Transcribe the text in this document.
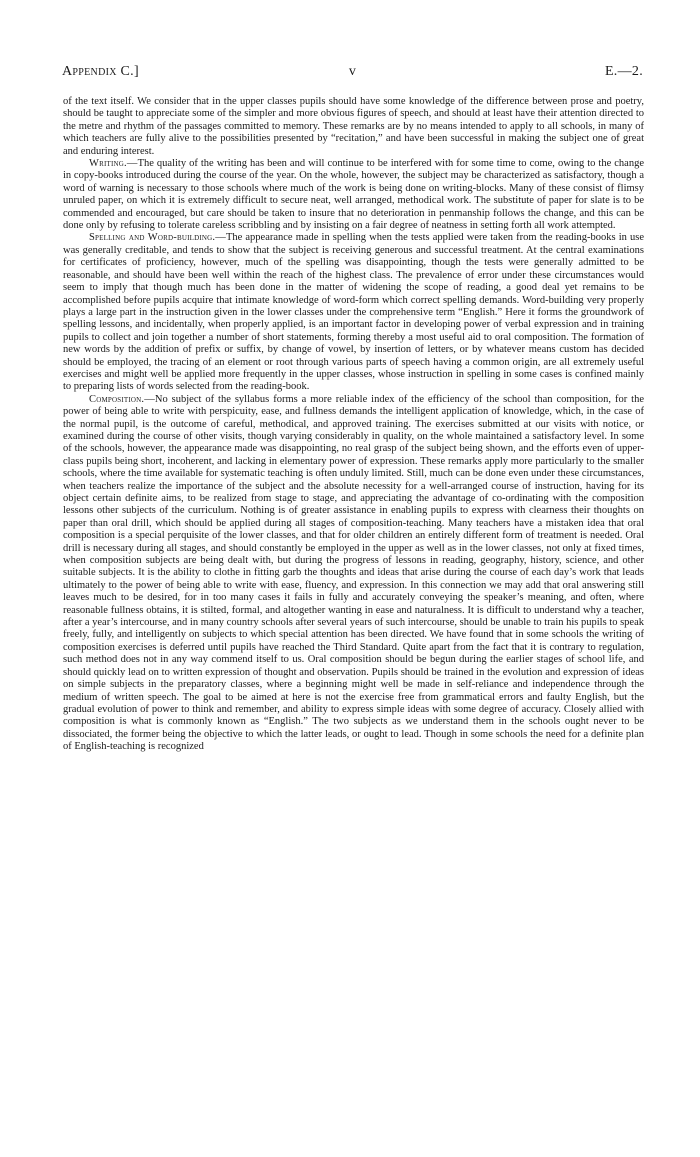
Appendix C.]	v	E.—2.

of the text itself. We consider that in the upper classes pupils should have some knowledge of the difference between prose and poetry, should be taught to appreciate some of the simpler and more obvious figures of speech, and should at least have their attention directed to the metre and rhythm of the passages committed to memory. These remarks are by no means intended to apply to all schools, in many of which teachers are fully alive to the possibilities presented by “recitation,” and have been successful in making the subject one of great and enduring interest.

Writing.—The quality of the writing has been and will continue to be interfered with for some time to come, owing to the change in copy-books introduced during the course of the year. On the whole, however, the subject may be characterized as satisfactory, though a word of warning is necessary to those schools where much of the work is being done on writing-blocks. Many of these consist of flimsy unruled paper, on which it is extremely difficult to secure neat, well arranged, methodical work. The substitute of paper for slate is to be commended and encouraged, but care should be taken to insure that no deterioration in penmanship follows the change, and this can be done only by refusing to tolerate careless scribbling and by insisting on a fair degree of neatness in setting forth all work attempted.

Spelling and Word-building.—The appearance made in spelling when the tests applied were taken from the reading-books in use was generally creditable, and tends to show that the subject is receiving generous and successful treatment. At the central examinations for certificates of proficiency, however, much of the spelling was disappointing, though the tests were generally admitted to be reasonable, and should have been well within the reach of the highest class. The prevalence of error under these circumstances would seem to imply that though much has been done in the matter of widening the scope of reading, a good deal yet remains to be accomplished before pupils acquire that intimate knowledge of word-form which correct spelling demands. Word-building very properly plays a large part in the instruction given in the lower classes under the comprehensive term “English.” Here it forms the groundwork of spelling lessons, and incidentally, when properly applied, is an important factor in developing power of verbal expression and in training pupils to collect and join together a number of short statements, forming thereby a most useful aid to oral composition. The formation of new words by the addition of prefix or suffix, by change of vowel, by insertion of letters, or by whatever means custom has decided should be employed, the tracing of an element or root through various parts of speech having a common origin, are all extremely useful exercises and might well be applied more frequently in the upper classes, whose instruction in spelling in some cases is confined mainly to preparing lists of words selected from the reading-book.

Composition.—No subject of the syllabus forms a more reliable index of the efficiency of the school than composition, for the power of being able to write with perspicuity, ease, and fullness demands the intelligent application of knowledge, which, in the case of the normal pupil, is the outcome of careful, methodical, and approved training. The exercises submitted at our visits with notice, or examined during the course of other visits, though varying considerably in quality, on the whole maintained a satisfactory level. In some of the schools, however, the appearance made was disappointing, no real grasp of the subject being shown, and the efforts even of upper-class pupils being short, incoherent, and lacking in elementary power of expression. These remarks apply more particularly to the smaller schools, where the time available for systematic teaching is often unduly limited. Still, much can be done even under these circumstances, when teachers realize the importance of the subject and the absolute necessity for a well-arranged course of instruction, having for its object certain definite aims, to be realized from stage to stage, and appreciating the advantage of co-ordinating with the composition lessons other subjects of the curriculum. Nothing is of greater assistance in enabling pupils to express with clearness their thoughts on paper than oral drill, which should be applied during all stages of composition-teaching. Many teachers have a mistaken idea that oral composition is a special perquisite of the lower classes, and that for older children an entirely different form of treatment is needed. Oral drill is necessary during all stages, and should constantly be employed in the upper as well as in the lower classes, not only at fixed times, when composition subjects are being dealt with, but during the progress of lessons in reading, geography, history, science, and other suitable subjects. It is the ability to clothe in fitting garb the thoughts and ideas that arise during the course of each day’s work that leads ultimately to the power of being able to write with ease, fluency, and expression. In this connection we may add that oral answering still leaves much to be desired, for in too many cases it fails in fully and accurately conveying the speaker’s meaning, and often, where reasonable fullness obtains, it is stilted, formal, and altogether wanting in ease and naturalness. It is difficult to understand why a teacher, after a year’s intercourse, and in many country schools after several years of such intercourse, should be unable to train his pupils to speak freely, fully, and intelligently on subjects to which special attention has been directed. We have found that in some schools the writing of composition exercises is deferred until pupils have reached the Third Standard. Quite apart from the fact that it is contrary to regulation, such method does not in any way commend itself to us. Oral composition should be begun during the earlier stages of school life, and should quickly lead on to written expression of thought and observation. Pupils should be trained in the evolution and expression of ideas on simple subjects in the preparatory classes, where a beginning might well be made in self-reliance and independence through the medium of written speech. The goal to be aimed at here is not the exercise free from grammatical errors and faulty English, but the gradual evolution of power to think and remember, and ability to express simple ideas with some degree of accuracy. Closely allied with composition is what is commonly known as “English.” The two subjects as we understand them in the schools ought never to be dissociated, the former being the objective to which the latter leads, or ought to lead. Though in some schools the need for a definite plan of English-teaching is recognized
